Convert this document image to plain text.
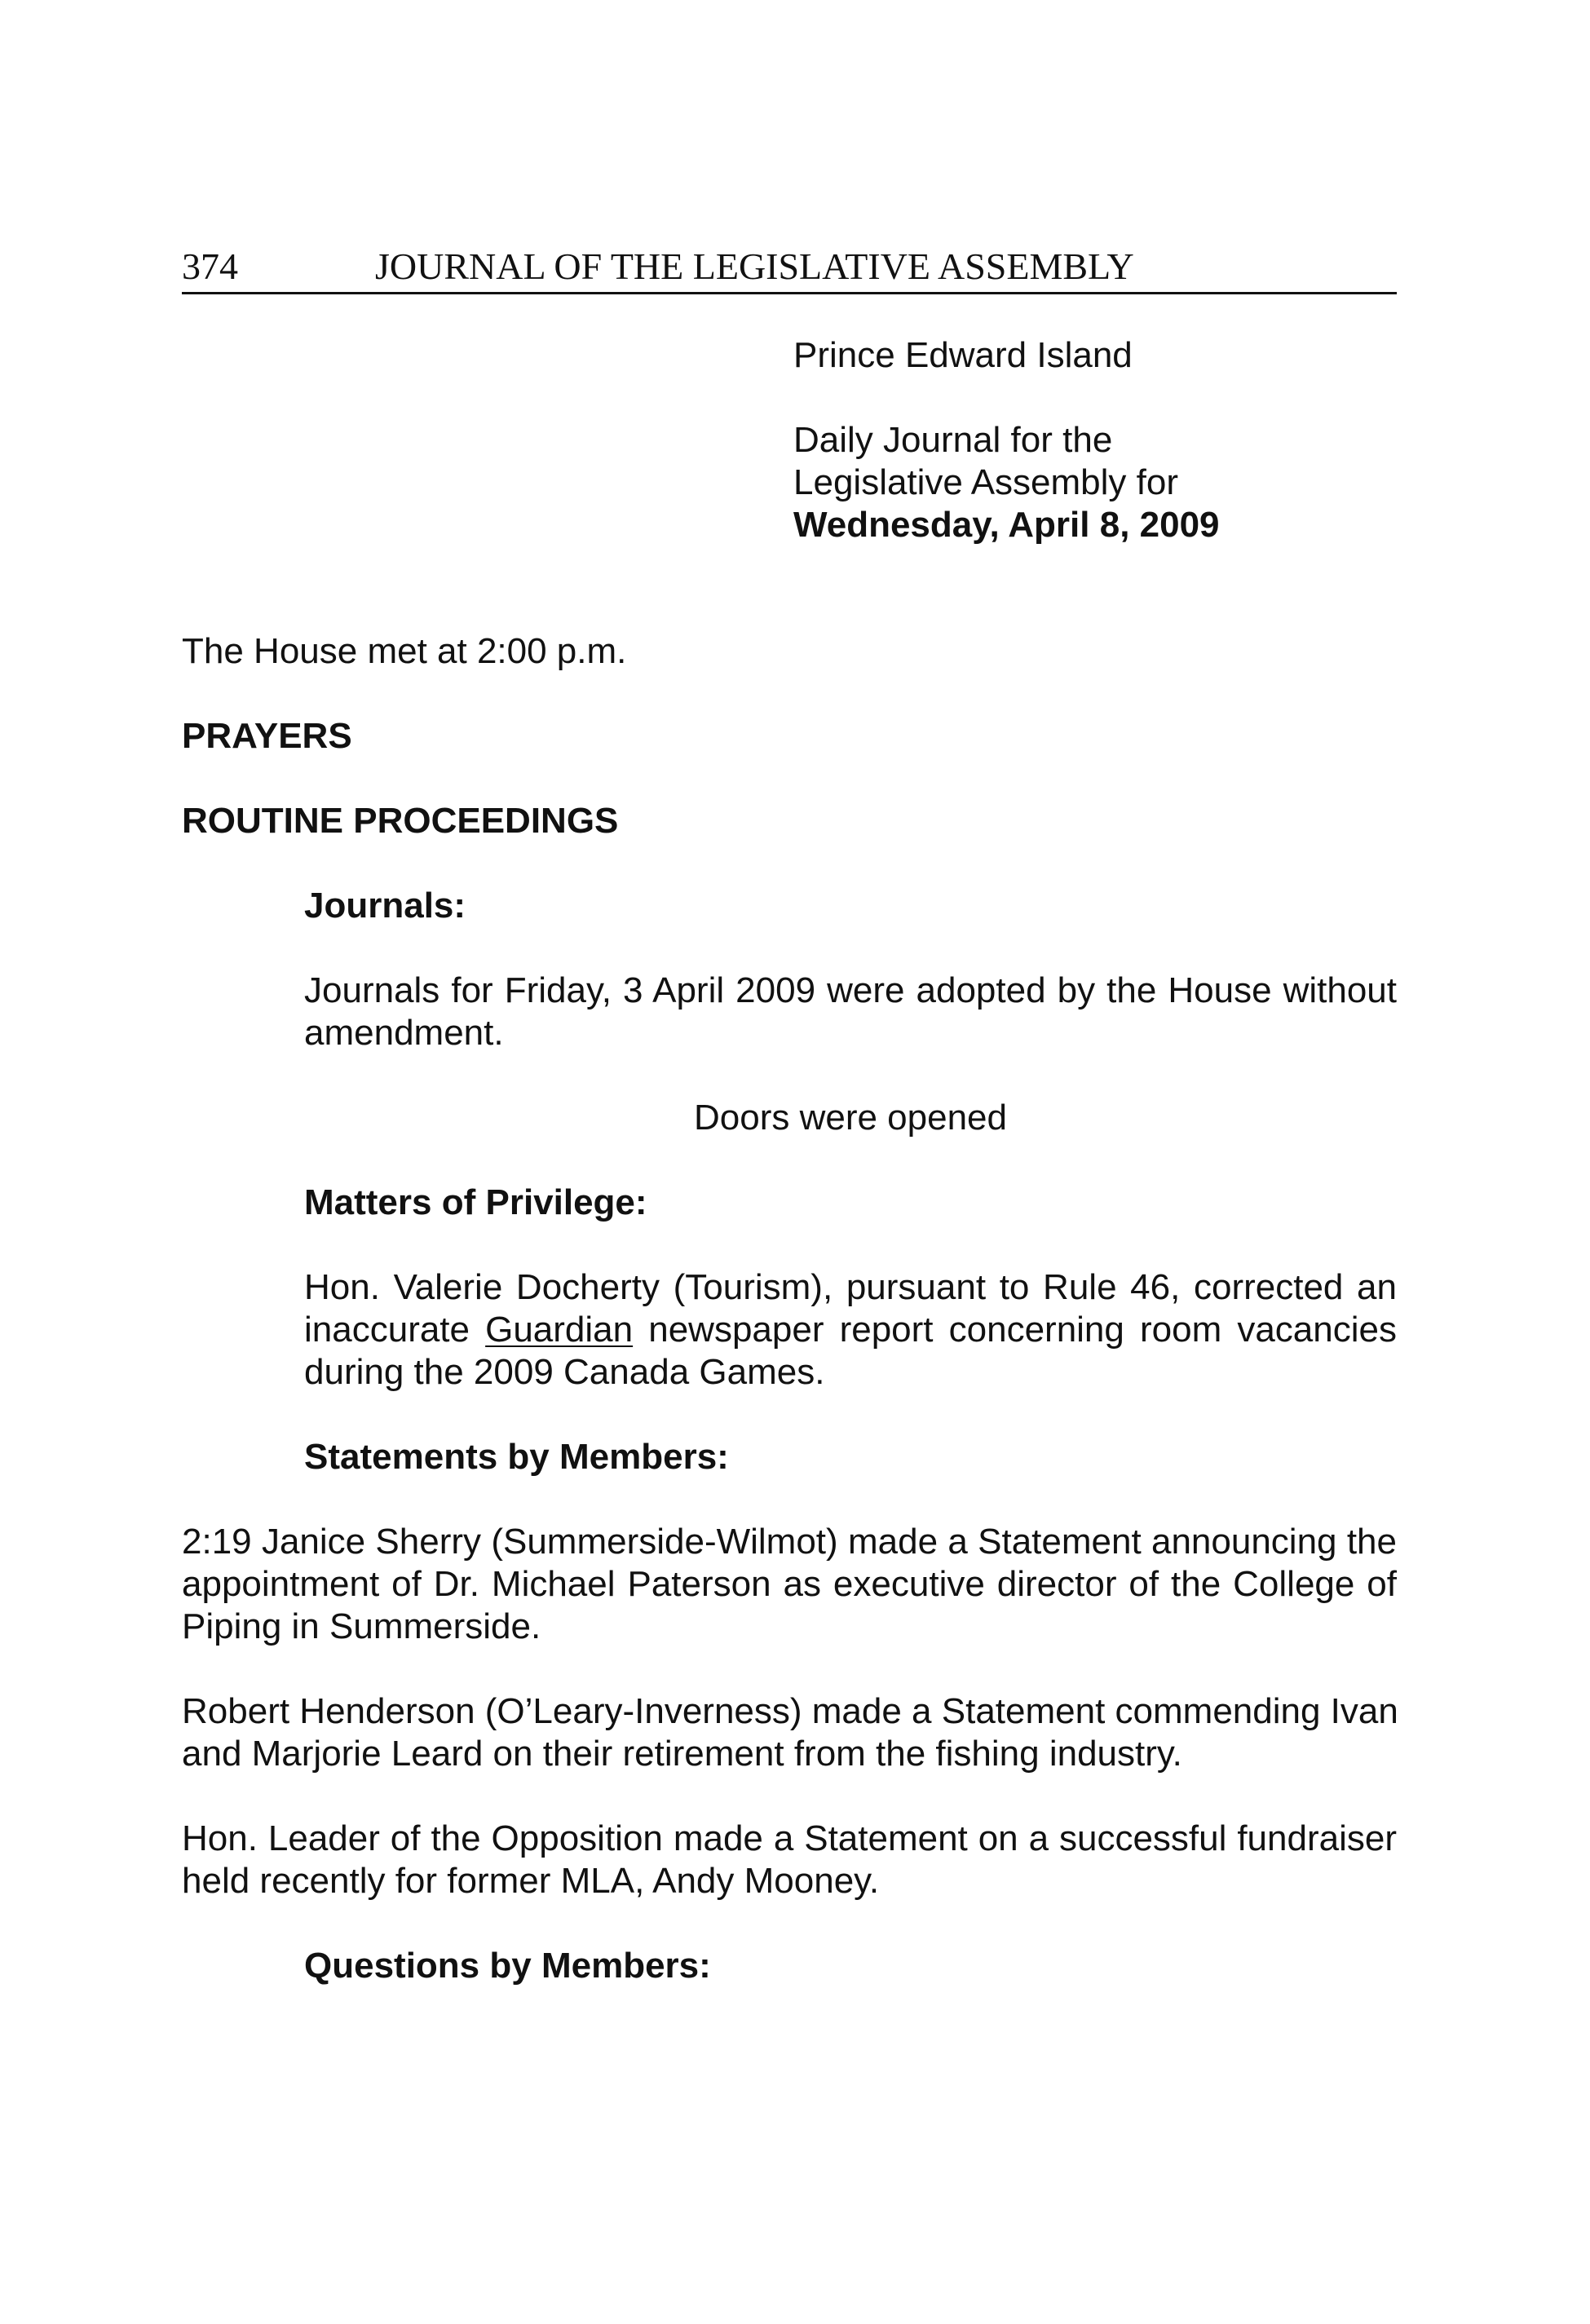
374	JOURNAL OF THE LEGISLATIVE ASSEMBLY
Prince Edward Island
Daily Journal for the
Legislative Assembly for
Wednesday, April 8, 2009

The House met at 2:00 p.m.

PRAYERS
ROUTINE PROCEEDINGS
Journals:

Journals for Friday, 3 April 2009 were adopted by the House without
amendment.

Doors were opened

Matters of Privilege:

Hon. Valerie Docherty (Tourism), pursuant to Rule 46, corrected an
inaccurate Guardian newspaper report concerning room vacancies
during the 2009 Canada Games.

Statements by Members:

2:19 Janice Sherry (Summerside-Wilmot) made a Statement announcing the
appointment of Dr. Michael Paterson as executive director of the College of
Piping in Summerside.

Robert Henderson (O’Leary-Inverness) made a Statement commending Ivan
and Marjorie Leard on their retirement from the fishing industry.

Hon. Leader of the Opposition made a Statement on a successful fundraiser
held recently for former MLA, Andy Mooney.

Questions by Members:
